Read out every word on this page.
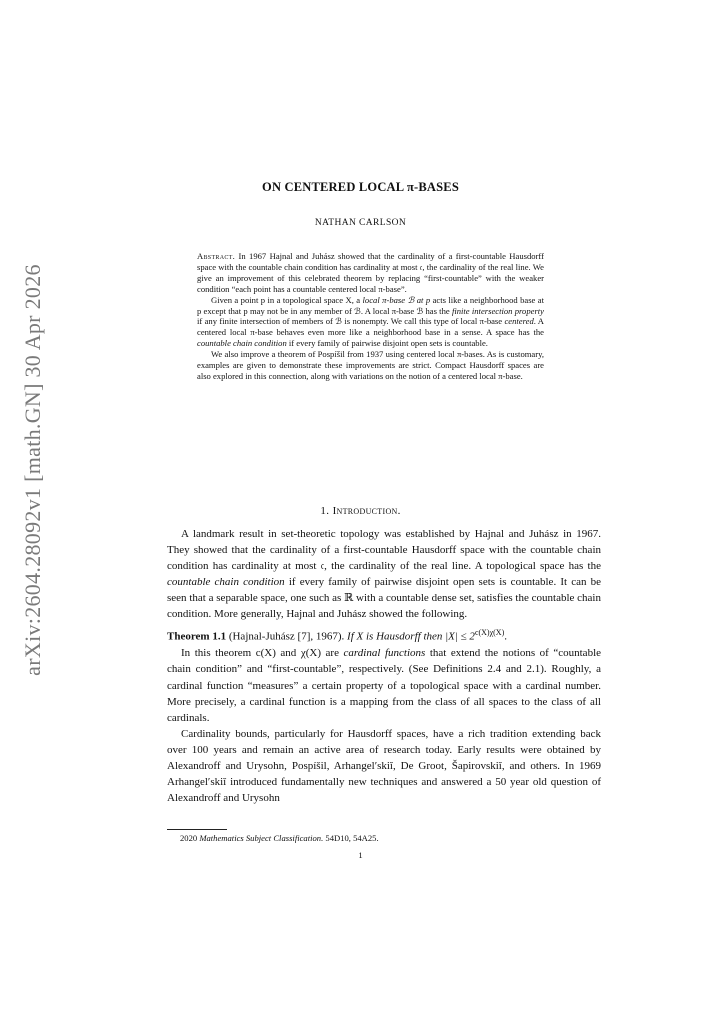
arXiv:2604.28092v1 [math.GN] 30 Apr 2026
ON CENTERED LOCAL π-BASES
NATHAN CARLSON

Abstract. In 1967 Hajnal and Juhász showed that the cardinality of a first-countable Hausdorff space with the countable chain condition has cardinality at most 𝔠, the cardinality of the real line. We give an improvement of this celebrated theorem by replacing “first-countable” with the weaker condition “each point has a countable centered local π-base”.

Given a point p in a topological space X, a local π-base ℬ at p acts like a neighborhood base at p except that p may not be in any member of ℬ. A local π-base ℬ has the finite intersection property if any finite intersection of members of ℬ is nonempty. We call this type of local π-base centered. A centered local π-base behaves even more like a neighborhood base in a sense. A space has the countable chain condition if every family of pairwise disjoint open sets is countable.

We also improve a theorem of Pospíšil from 1937 using centered local π-bases. As is customary, examples are given to demonstrate these improvements are strict. Compact Hausdorff spaces are also explored in this connection, along with variations on the notion of a centered local π-base.

1. Introduction.

A landmark result in set-theoretic topology was established by Hajnal and Juhász in 1967. They showed that the cardinality of a first-countable Hausdorff space with the countable chain condition has cardinality at most 𝔠, the cardinality of the real line. A topological space has the countable chain condition if every family of pairwise disjoint open sets is countable. It can be seen that a separable space, one such as ℝ with a countable dense set, satisfies the countable chain condition. More generally, Hajnal and Juhász showed the following.

Theorem 1.1 (Hajnal-Juhász [7], 1967). If X is Hausdorff then $|X| \le 2^{c(X)\chi(X)}$.

In this theorem c(X) and χ(X) are cardinal functions that extend the notions of “countable chain condition” and “first-countable”, respectively. (See Definitions 2.4 and 2.1). Roughly, a cardinal function “measures” a certain property of a topological space with a cardinal number. More precisely, a cardinal function is a mapping from the class of all spaces to the class of all cardinals.

Cardinality bounds, particularly for Hausdorff spaces, have a rich tradition extending back over 100 years and remain an active area of research today. Early results were obtained by Alexandroff and Urysohn, Pospíšil, Arhangel′skiĭ, De Groot, Šapirovskiĭ, and others. In 1969 Arhangel′skiĭ introduced fundamentally new techniques and answered a 50 year old question of Alexandroff and Urysohn

2020 Mathematics Subject Classification. 54D10, 54A25.
1
